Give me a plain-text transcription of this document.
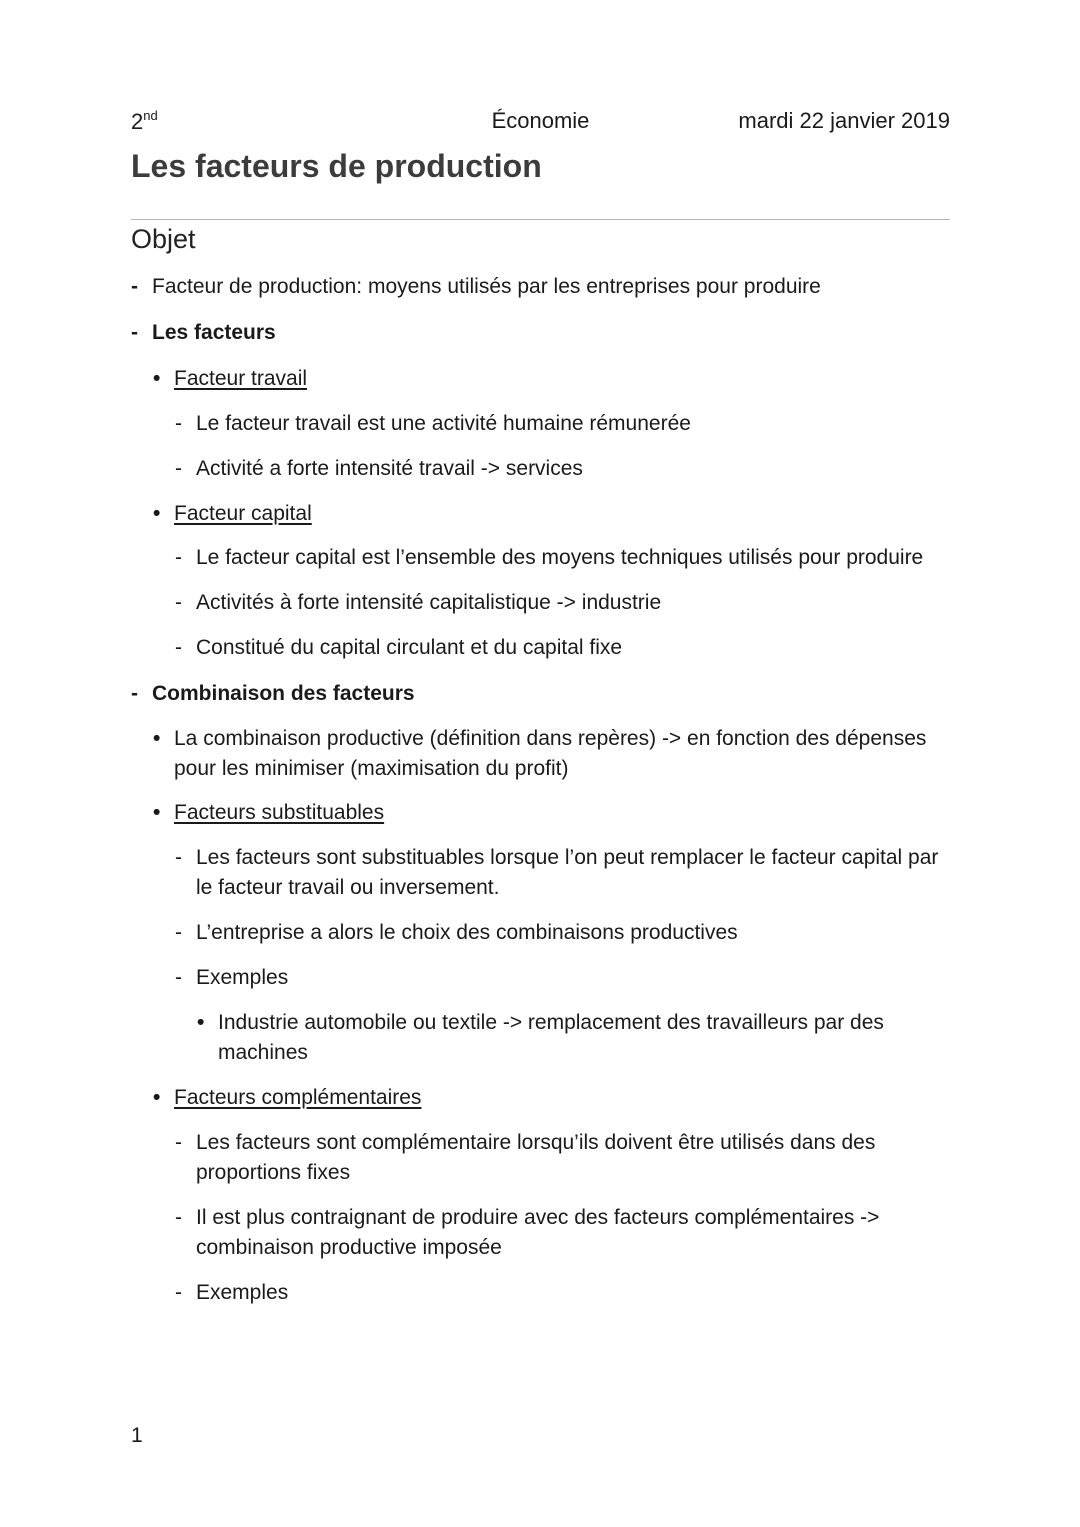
2nd	Économie	mardi 22 janvier 2019
Les facteurs de production
Objet

- Facteur de production: moyens utilisés par les entreprises pour produire

- Les facteurs

• Facteur travail

- Le facteur travail est une activité humaine rémunerée

- Activité a forte intensité travail -> services

• Facteur capital

- Le facteur capital est l’ensemble des moyens techniques utilisés pour produire

- Activités à forte intensité capitalistique -> industrie

- Constitué du capital circulant et du capital fixe

- Combinaison des facteurs

• La combinaison productive (définition dans repères) -> en fonction des dépenses pour les minimiser (maximisation du profit)

• Facteurs substituables

- Les facteurs sont substituables lorsque l’on peut remplacer le facteur capital par le facteur travail ou inversement.

- L’entreprise a alors le choix des combinaisons productives

- Exemples

• Industrie automobile ou textile -> remplacement des travailleurs par des machines

• Facteurs complémentaires

- Les facteurs sont complémentaire lorsqu’ils doivent être utilisés dans des proportions fixes

- Il est plus contraignant de produire avec des facteurs complémentaires -> combinaison productive imposée

- Exemples

1
